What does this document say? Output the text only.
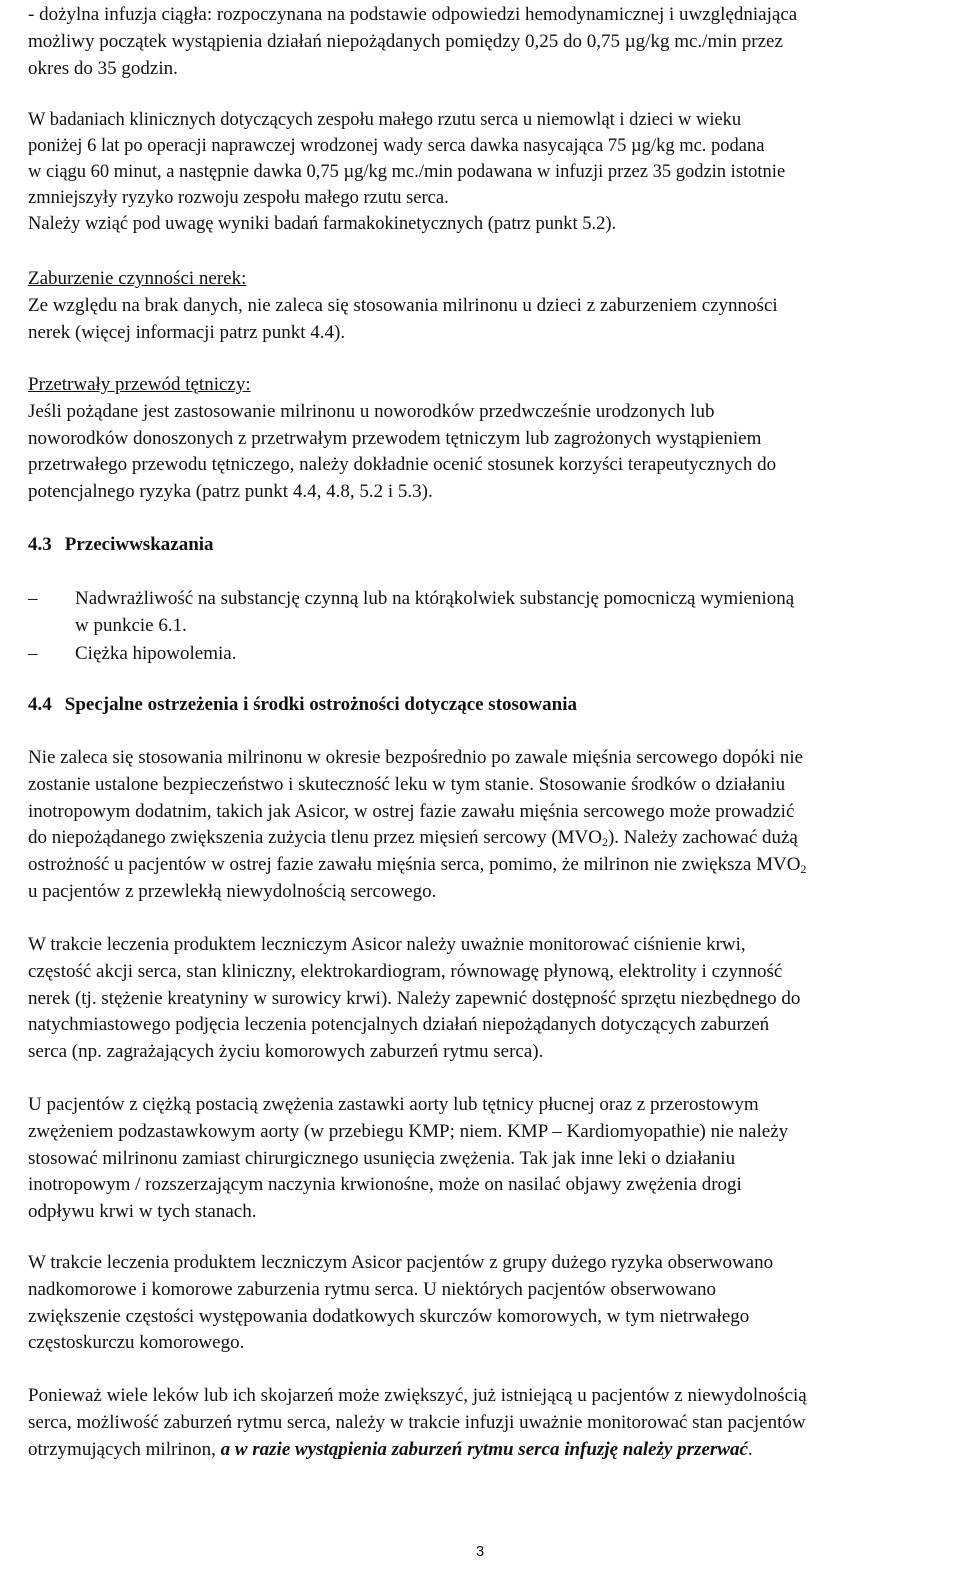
- dożylna infuzja ciągła: rozpoczynana na podstawie odpowiedzi hemodynamicznej i uwzględniająca
możliwy początek wystąpienia działań niepożądanych pomiędzy 0,25 do 0,75 µg/kg mc./min przez
okres do 35 godzin.
W badaniach klinicznych dotyczących zespołu małego rzutu serca u niemowląt i dzieci w wieku
poniżej 6 lat po operacji naprawczej wrodzonej wady serca dawka nasycająca 75 µg/kg mc. podana
w ciągu 60 minut, a następnie dawka 0,75 µg/kg mc./min podawana w infuzji przez 35 godzin istotnie
zmniejszyły ryzyko rozwoju zespołu małego rzutu serca.
Należy wziąć pod uwagę wyniki badań farmakokinetycznych (patrz punkt 5.2).
Zaburzenie czynności nerek:
Ze względu na brak danych, nie zaleca się stosowania milrinonu u dzieci z zaburzeniem czynności
nerek (więcej informacji patrz punkt 4.4).
Przetrwały przewód tętniczy:
Jeśli pożądane jest zastosowanie milrinonu u noworodków przedwcześnie urodzonych lub
noworodków donoszonych z przetrwałym przewodem tętniczym lub zagrożonych wystąpieniem
przetrwałego przewodu tętniczego, należy dokładnie ocenić stosunek korzyści terapeutycznych do
potencjalnego ryzyka (patrz punkt 4.4, 4.8, 5.2 i 5.3).
4.3 Przeciwwskazania
– Nadwrażliwość na substancję czynną lub na którąkolwiek substancję pomocniczą wymienioną
w punkcie 6.1.
– Ciężka hipowolemia.
4.4 Specjalne ostrzeżenia i środki ostrożności dotyczące stosowania
Nie zaleca się stosowania milrinonu w okresie bezpośrednio po zawale mięśnia sercowego dopóki nie
zostanie ustalone bezpieczeństwo i skuteczność leku w tym stanie. Stosowanie środków o działaniu
inotropowym dodatnim, takich jak Asicor, w ostrej fazie zawału mięśnia sercowego może prowadzić
do niepożądanego zwiększenia zużycia tlenu przez mięsień sercowy $(MVO_2)$. Należy zachować dużą
ostrożność u pacjentów w ostrej fazie zawału mięśnia serca, pomimo, że milrinon nie zwiększa $MVO_2$
u pacjentów z przewlekłą niewydolnością sercowego.
W trakcie leczenia produktem leczniczym Asicor należy uważnie monitorować ciśnienie krwi,
częstość akcji serca, stan kliniczny, elektrokardiogram, równowagę płynową, elektrolity i czynność
nerek (tj. stężenie kreatyniny w surowicy krwi). Należy zapewnić dostępność sprzętu niezbędnego do
natychmiastowego podjęcia leczenia potencjalnych działań niepożądanych dotyczących zaburzeń
serca (np. zagrażających życiu komorowych zaburzeń rytmu serca).
U pacjentów z ciężką postacią zwężenia zastawki aorty lub tętnicy płucnej oraz z przerostowym
zwężeniem podzastawkowym aorty (w przebiegu KMP; niem. KMP – Kardiomyopathie) nie należy
stosować milrinonu zamiast chirurgicznego usunięcia zwężenia. Tak jak inne leki o działaniu
inotropowym / rozszerzającym naczynia krwionośne, może on nasilać objawy zwężenia drogi
odpływu krwi w tych stanach.
W trakcie leczenia produktem leczniczym Asicor pacjentów z grupy dużego ryzyka obserwowano
nadkomorowe i komorowe zaburzenia rytmu serca. U niektórych pacjentów obserwowano
zwiększenie częstości występowania dodatkowych skurczów komorowych, w tym nietrwałego
częstoskurczu komorowego.
Ponieważ wiele leków lub ich skojarzeń może zwiększyć, już istniejącą u pacjentów z niewydolnością
serca, możliwość zaburzeń rytmu serca, należy w trakcie infuzji uważnie monitorować stan pacjentów
otrzymujących milrinon, a w razie wystąpienia zaburzeń rytmu serca infuzję należy przerwać.
3
